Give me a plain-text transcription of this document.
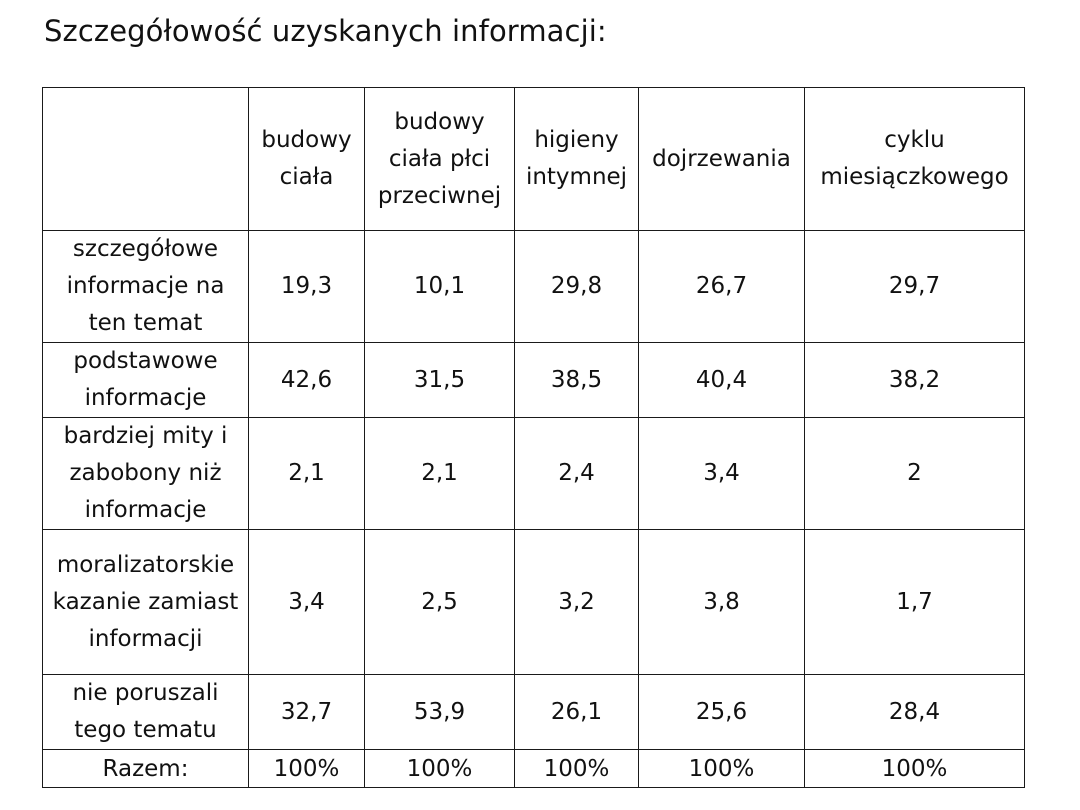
Szczegółowość uzyskanych informacji:
	budowy ciała	budowy ciała płci przeciwnej	higieny intymnej	dojrzewania	cyklu miesiączkowego
szczegółowe informacje na ten temat	19,3	10,1	29,8	26,7	29,7
podstawowe informacje	42,6	31,5	38,5	40,4	38,2
bardziej mity i zabobony niż informacje	2,1	2,1	2,4	3,4	2
moralizatorskie kazanie zamiast informacji	3,4	2,5	3,2	3,8	1,7
nie poruszali tego tematu	32,7	53,9	26,1	25,6	28,4
Razem:	100%	100%	100%	100%	100%
